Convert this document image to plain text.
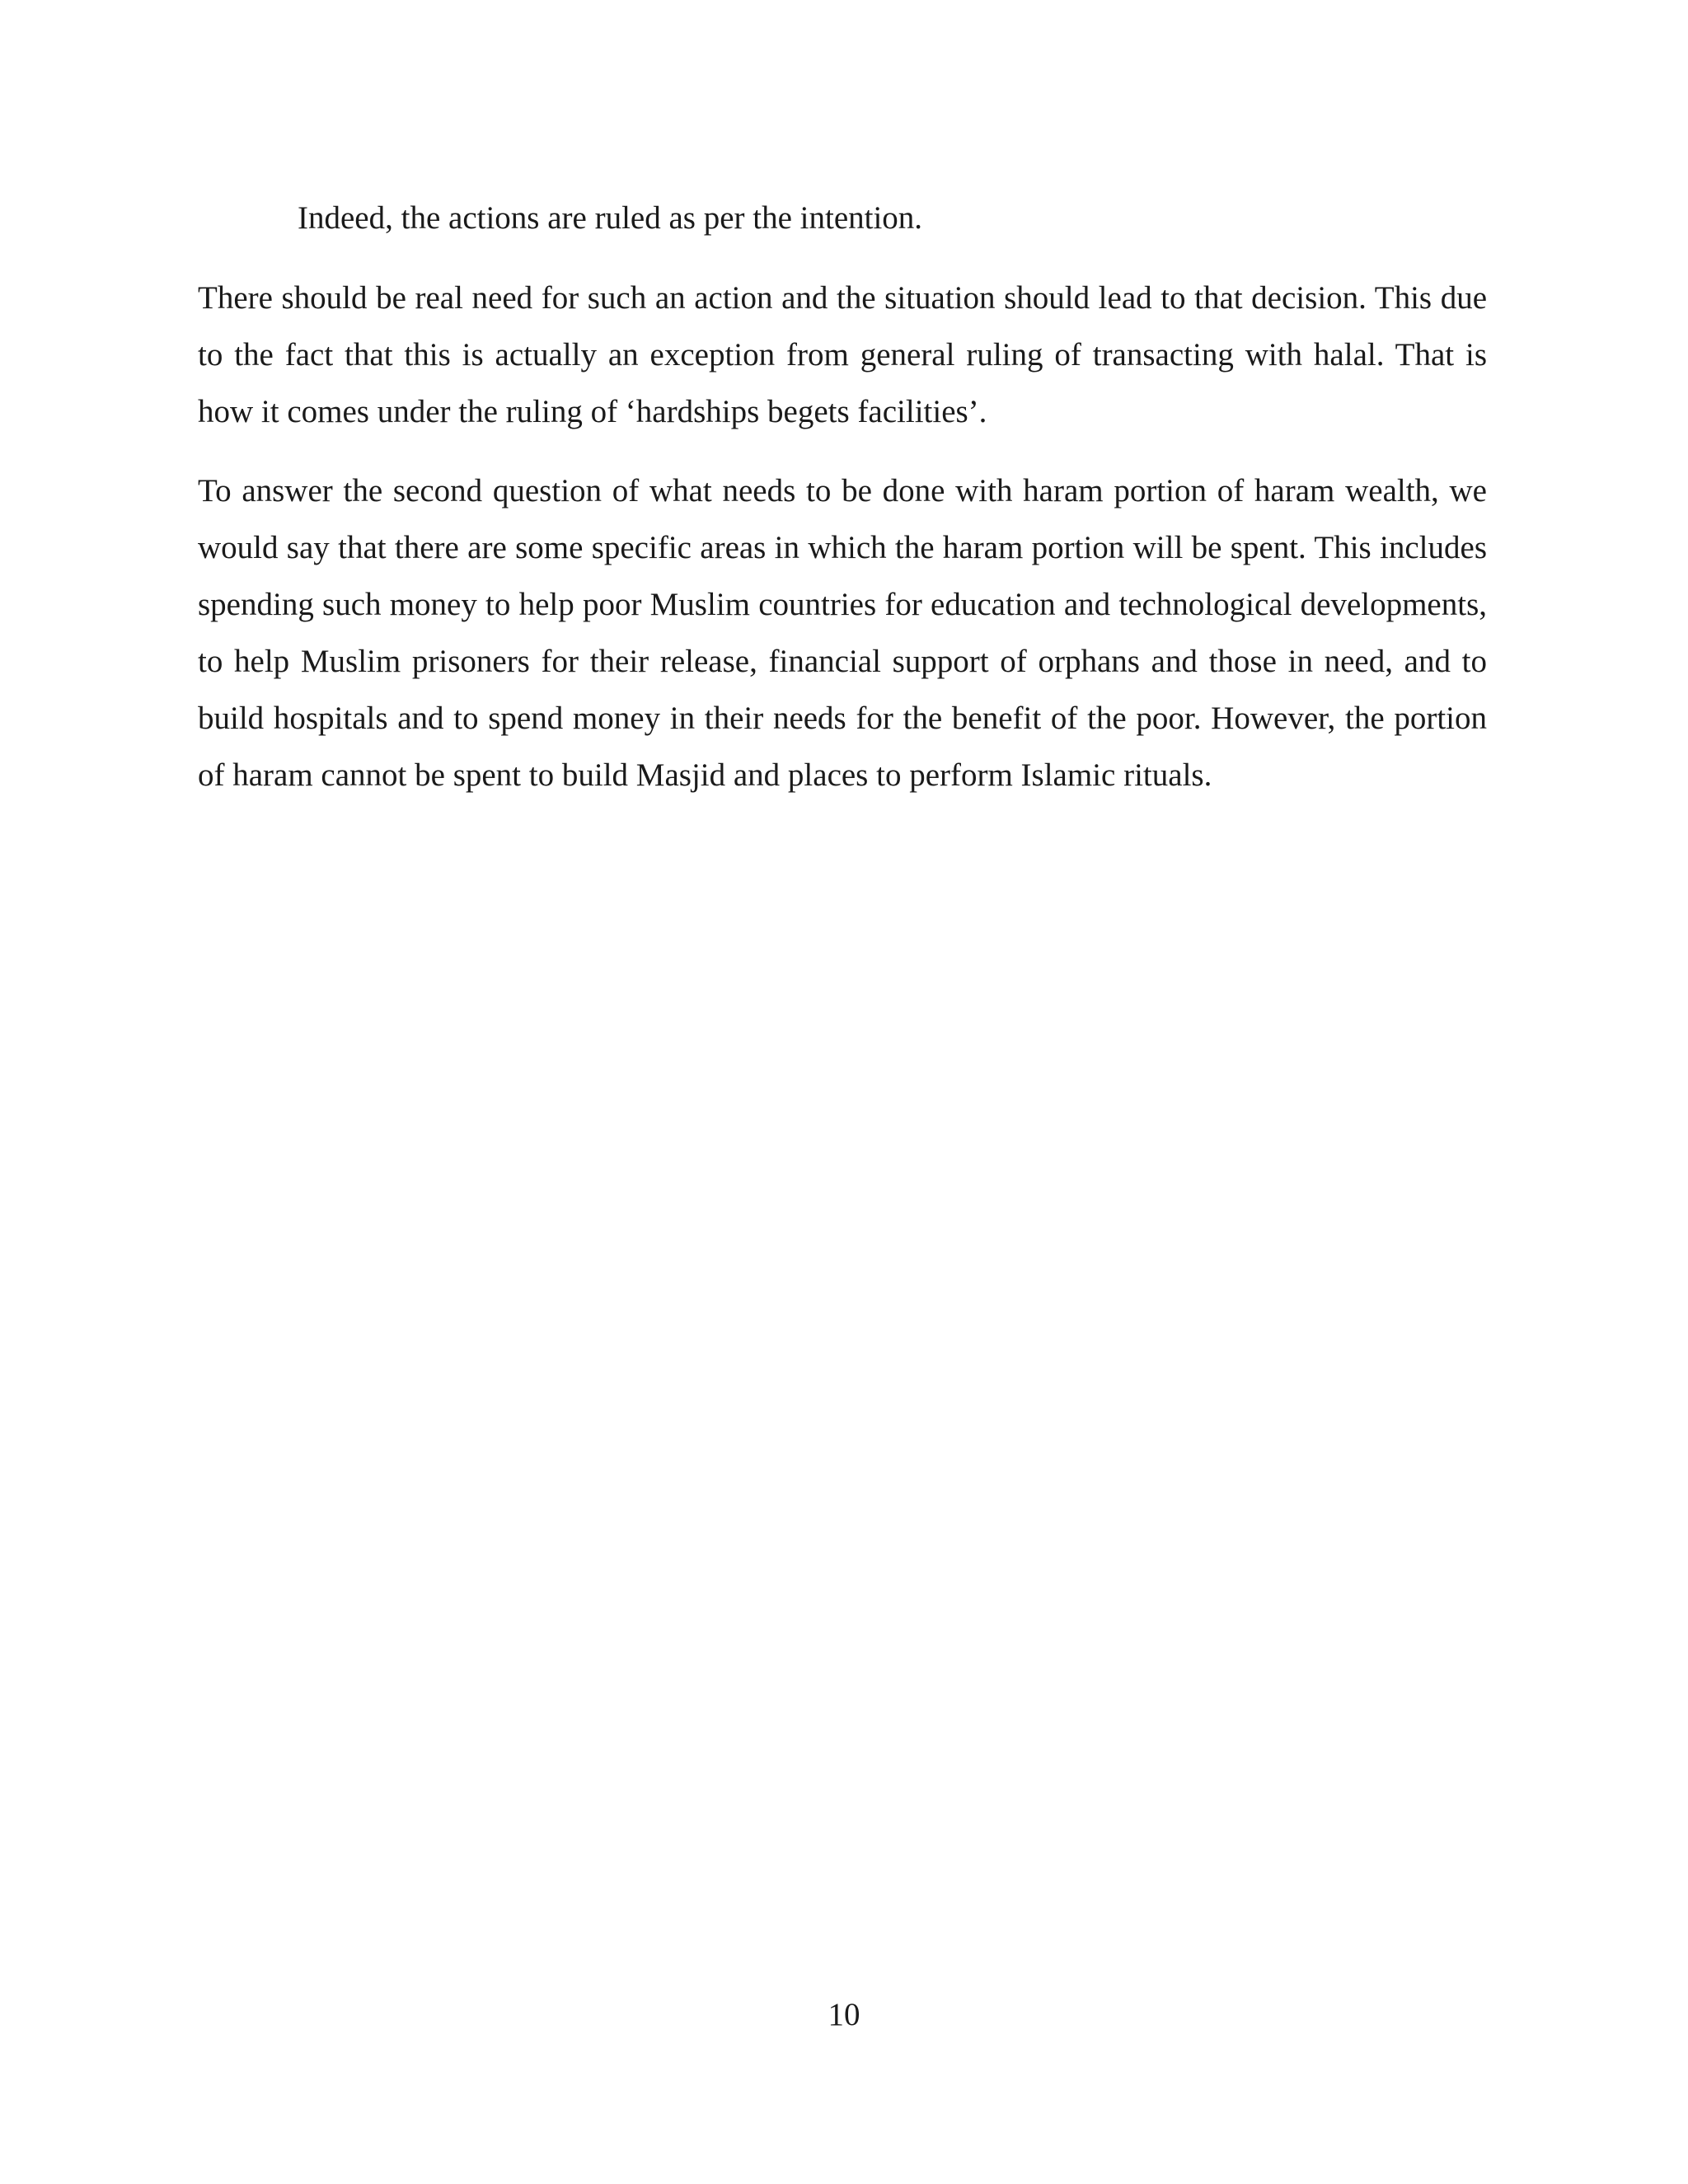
Indeed, the actions are ruled as per the intention.

There should be real need for such an action and the situation should lead to that decision. This due to the fact that this is actually an exception from general ruling of transacting with halal. That is how it comes under the ruling of ‘hardships begets facilities’.

To answer the second question of what needs to be done with haram portion of haram wealth, we would say that there are some specific areas in which the haram portion will be spent. This includes spending such money to help poor Muslim countries for education and technological developments, to help Muslim prisoners for their release, financial support of orphans and those in need, and to build hospitals and to spend money in their needs for the benefit of the poor. However, the portion of haram cannot be spent to build Masjid and places to perform Islamic rituals.

10
